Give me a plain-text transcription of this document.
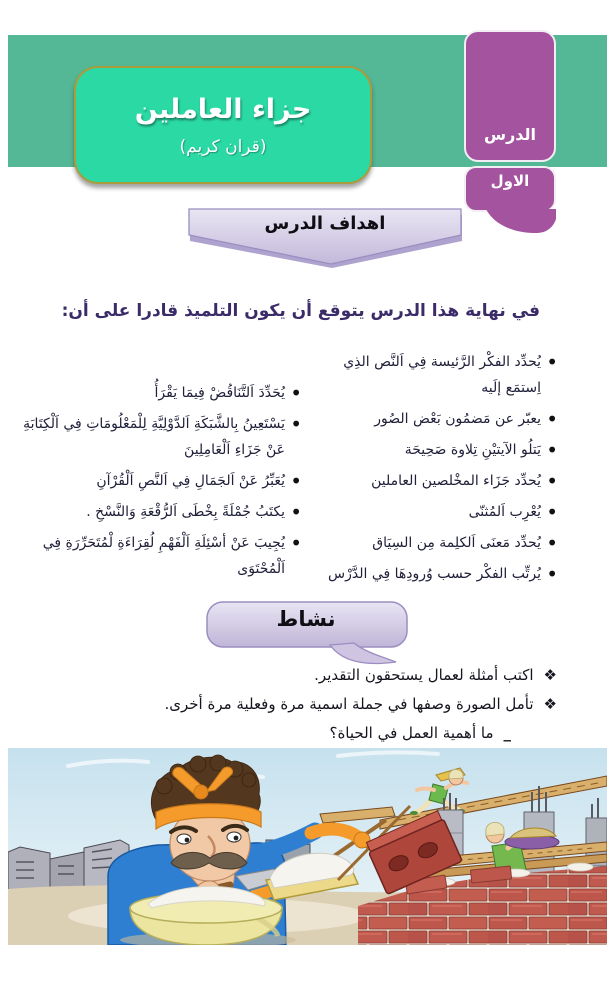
الدرس
الاول
جزاء العاملين
(قران كريم)
اهداف الدرس
في نهاية هذا الدرس يتوقع أن يكون التلميذ قادرا على أن:
• يُحدِّد الفكْر الرَّئيسة فِي اَلنَّص الذِي اِستمَع إلَيه
• يعبّر عن مَضمُون بَعْض الصُور
• يَتلُو الآيتيْنِ تِلاوة صَحِيحَة
• يُحدِّد جَزَاء المخْلصين العاملين
• يُعْرِب اَلمُثنّى
• يُحدِّد مَعنَى اَلكلِمة مِن السِيَاق
• يُرتِّب الفكْر حسب وُرودِهَا فِي الدَّرْس
• يُحَدِّدَ اَلتَّنَاقُضْ فِيمَا يَقْرَأُ
• يَسْتَعِينُ بِالشَّبَكَةِ اَلدَّوْلِيَّةِ لِلْمَعْلُومَاتِ فِي اَلْكِتَابَةِ عَنْ جَزَاءِ اَلْعَامِلِينَ
• يُعَبِّرُ عَنْ اَلجَمَالِ فِي اَلنَّصِ اَلْقُرْآنِ
• يكتَبُ جُمْلَةً بِخْطَى اَلرُّقْعَةِ وَالنَّسْخِ .
• يُجِيبَ عَنْ أسْئِلَةِ اَلْفَهْمِ لُقِرَاءَةِ لْمُتَحَرِّرَةِ فِي اَلْمُحْتَوَى
نشاط
❖
اكتب أمثلة لعمال يستحقون التقدير.
❖
تأمل الصورة وصفها في جملة اسمية مرة وفعلية مرة أخرى.
_
ما أهمية العمل في الحياة؟
